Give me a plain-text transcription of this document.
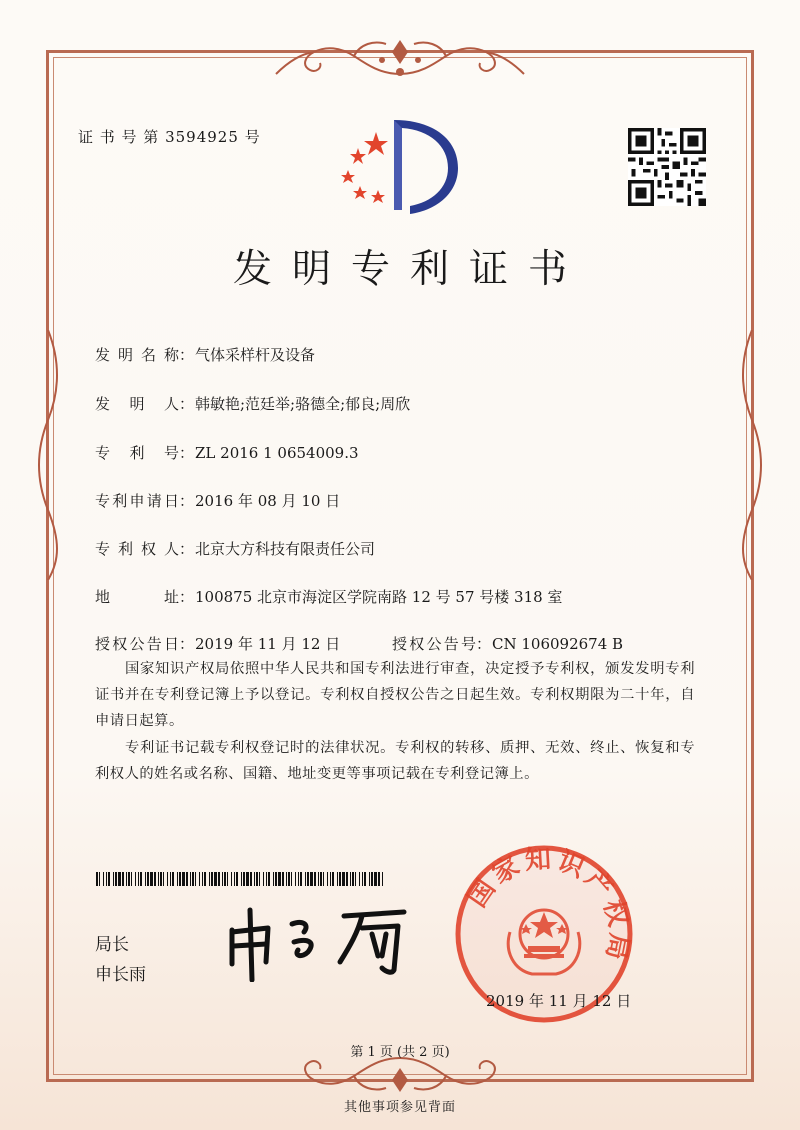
证 书 号 第 3594925 号
发明专利证书
发 明 名 称：气体采样杆及设备
发明人：韩敏艳;范廷举;骆德全;郁良;周欣
专利号：ZL 2016 1 0654009.3
专利申请日：2016 年 08 月 10 日
专 利 权 人：北京大方科技有限责任公司
地址：100875 北京市海淀区学院南路 12 号 57 号楼 318 室
授权公告日：2019 年 11 月 12 日	授权公告号：CN 106092674 B
国家知识产权局依照中华人民共和国专利法进行审查，决定授予专利权，颁发发明专利证书并在专利登记簿上予以登记。专利权自授权公告之日起生效。专利权期限为二十年，自申请日起算。
专利证书记载专利权登记时的法律状况。专利权的转移、质押、无效、终止、恢复和专利权人的姓名或名称、国籍、地址变更等事项记载在专利登记簿上。
局长
申长雨
国家知识产权局
2019 年 11 月 12 日
第 1 页 (共 2 页)
其他事项参见背面
